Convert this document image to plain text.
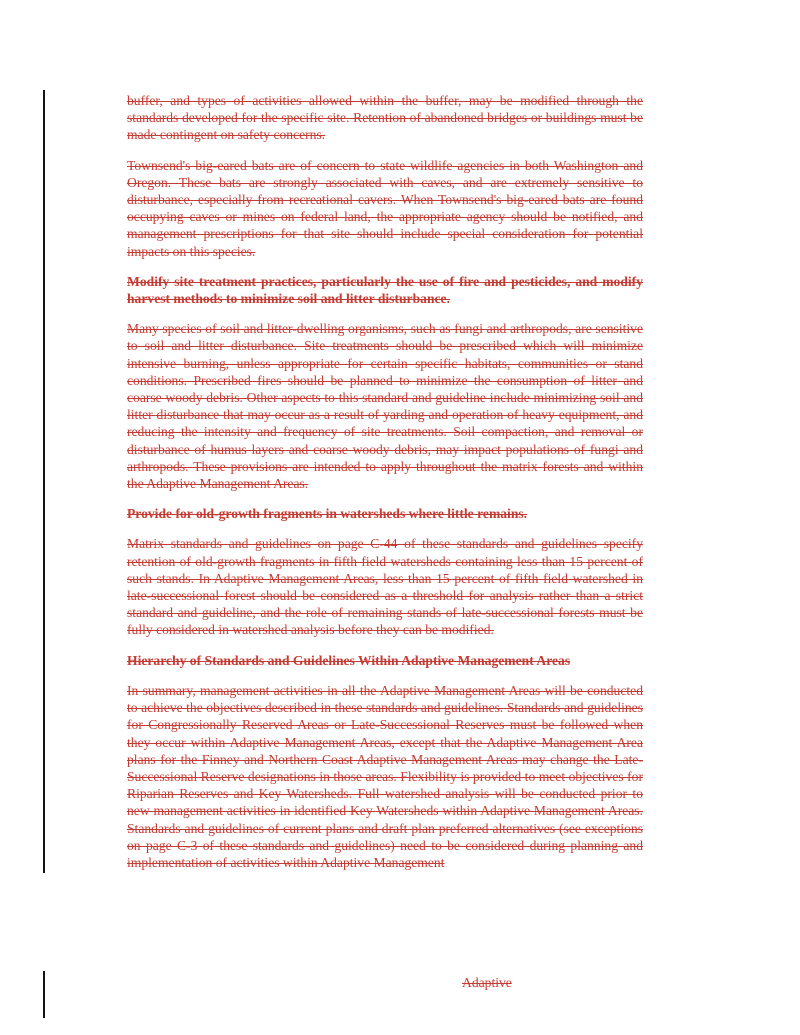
buffer, and types of activities allowed within the buffer, may be modified through the standards developed for the specific site. Retention of abandoned bridges or buildings must be made contingent on safety concerns.

Townsend's big-eared bats are of concern to state wildlife agencies in both Washington and Oregon. These bats are strongly associated with caves, and are extremely sensitive to disturbance, especially from recreational cavers. When Townsend's big-eared bats are found occupying caves or mines on federal land, the appropriate agency should be notified, and management prescriptions for that site should include special consideration for potential impacts on this species.

Modify site treatment practices, particularly the use of fire and pesticides, and modify harvest methods to minimize soil and litter disturbance.

Many species of soil and litter-dwelling organisms, such as fungi and arthropods, are sensitive to soil and litter disturbance. Site treatments should be prescribed which will minimize intensive burning, unless appropriate for certain specific habitats, communities or stand conditions. Prescribed fires should be planned to minimize the consumption of litter and coarse woody debris. Other aspects to this standard and guideline include minimizing soil and litter disturbance that may occur as a result of yarding and operation of heavy equipment, and reducing the intensity and frequency of site treatments. Soil compaction, and removal or disturbance of humus layers and coarse woody debris, may impact populations of fungi and arthropods. These provisions are intended to apply throughout the matrix forests and within the Adaptive Management Areas.

Provide for old-growth fragments in watersheds where little remains.

Matrix standards and guidelines on page C-44 of these standards and guidelines specify retention of old-growth fragments in fifth field watersheds containing less than 15 percent of such stands. In Adaptive Management Areas, less than 15 percent of fifth field watershed in late-successional forest should be considered as a threshold for analysis rather than a strict standard and guideline, and the role of remaining stands of late-successional forests must be fully considered in watershed analysis before they can be modified.

Hierarchy of Standards and Guidelines Within Adaptive Management Areas

In summary, management activities in all the Adaptive Management Areas will be conducted to achieve the objectives described in these standards and guidelines. Standards and guidelines for Congressionally Reserved Areas or Late-Successional Reserves must be followed when they occur within Adaptive Management Areas, except that the Adaptive Management Area plans for the Finney and Northern Coast Adaptive Management Areas may change the Late-Successional Reserve designations in those areas. Flexibility is provided to meet objectives for Riparian Reserves and Key Watersheds. Full watershed analysis will be conducted prior to new management activities in identified Key Watersheds within Adaptive Management Areas. Standards and guidelines of current plans and draft plan preferred alternatives (see exceptions on page C-3 of these standards and guidelines) need to be considered during planning and implementation of activities within Adaptive Management

Adaptive
